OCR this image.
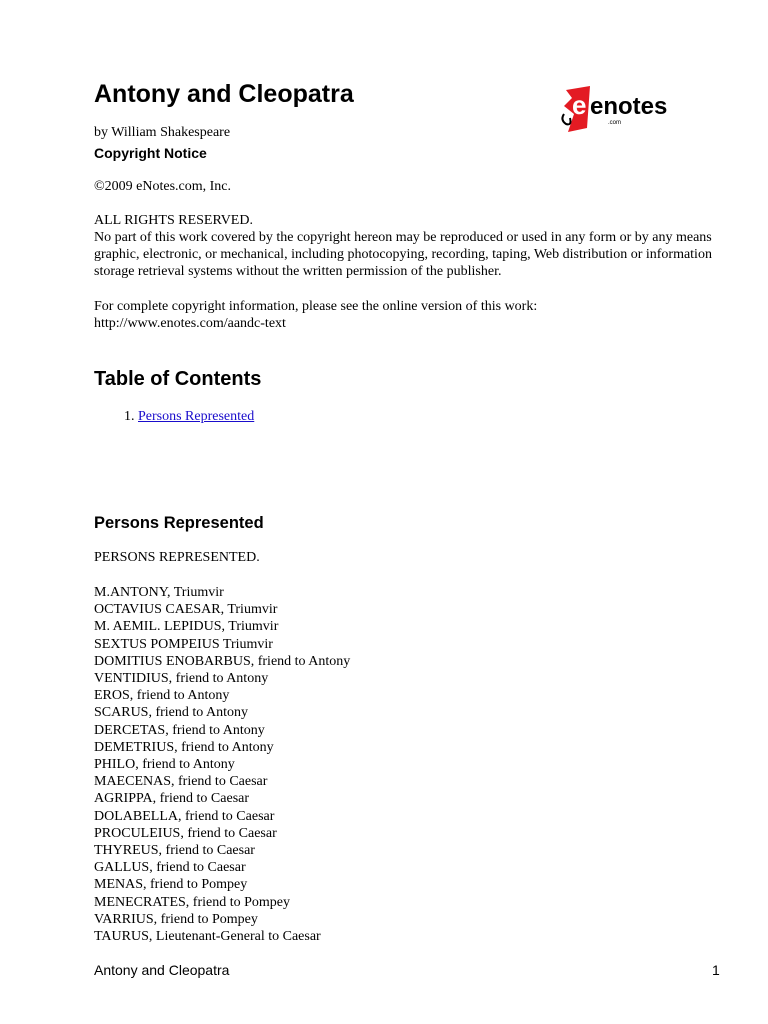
Antony and Cleopatra	e enotes
.com
by William Shakespeare
Copyright Notice
©2009 eNotes.com, Inc.
ALL RIGHTS RESERVED.
No part of this work covered by the copyright hereon may be reproduced or used in any form or by any means
graphic, electronic, or mechanical, including photocopying, recording, taping, Web distribution or information
storage retrieval systems without the written permission of the publisher.
For complete copyright information, please see the online version of this work:
http://www.enotes.com/aandc-text
Table of Contents
1. Persons Represented
Persons Represented
PERSONS REPRESENTED.
M.ANTONY, Triumvir
OCTAVIUS CAESAR, Triumvir
M. AEMIL. LEPIDUS, Triumvir
SEXTUS POMPEIUS Triumvir
DOMITIUS ENOBARBUS, friend to Antony
VENTIDIUS, friend to Antony
EROS, friend to Antony
SCARUS, friend to Antony
DERCETAS, friend to Antony
DEMETRIUS, friend to Antony
PHILO, friend to Antony
MAECENAS, friend to Caesar
AGRIPPA, friend to Caesar
DOLABELLA, friend to Caesar
PROCULEIUS, friend to Caesar
THYREUS, friend to Caesar
GALLUS, friend to Caesar
MENAS, friend to Pompey
MENECRATES, friend to Pompey
VARRIUS, friend to Pompey
TAURUS, Lieutenant-General to Caesar
Antony and Cleopatra	1
